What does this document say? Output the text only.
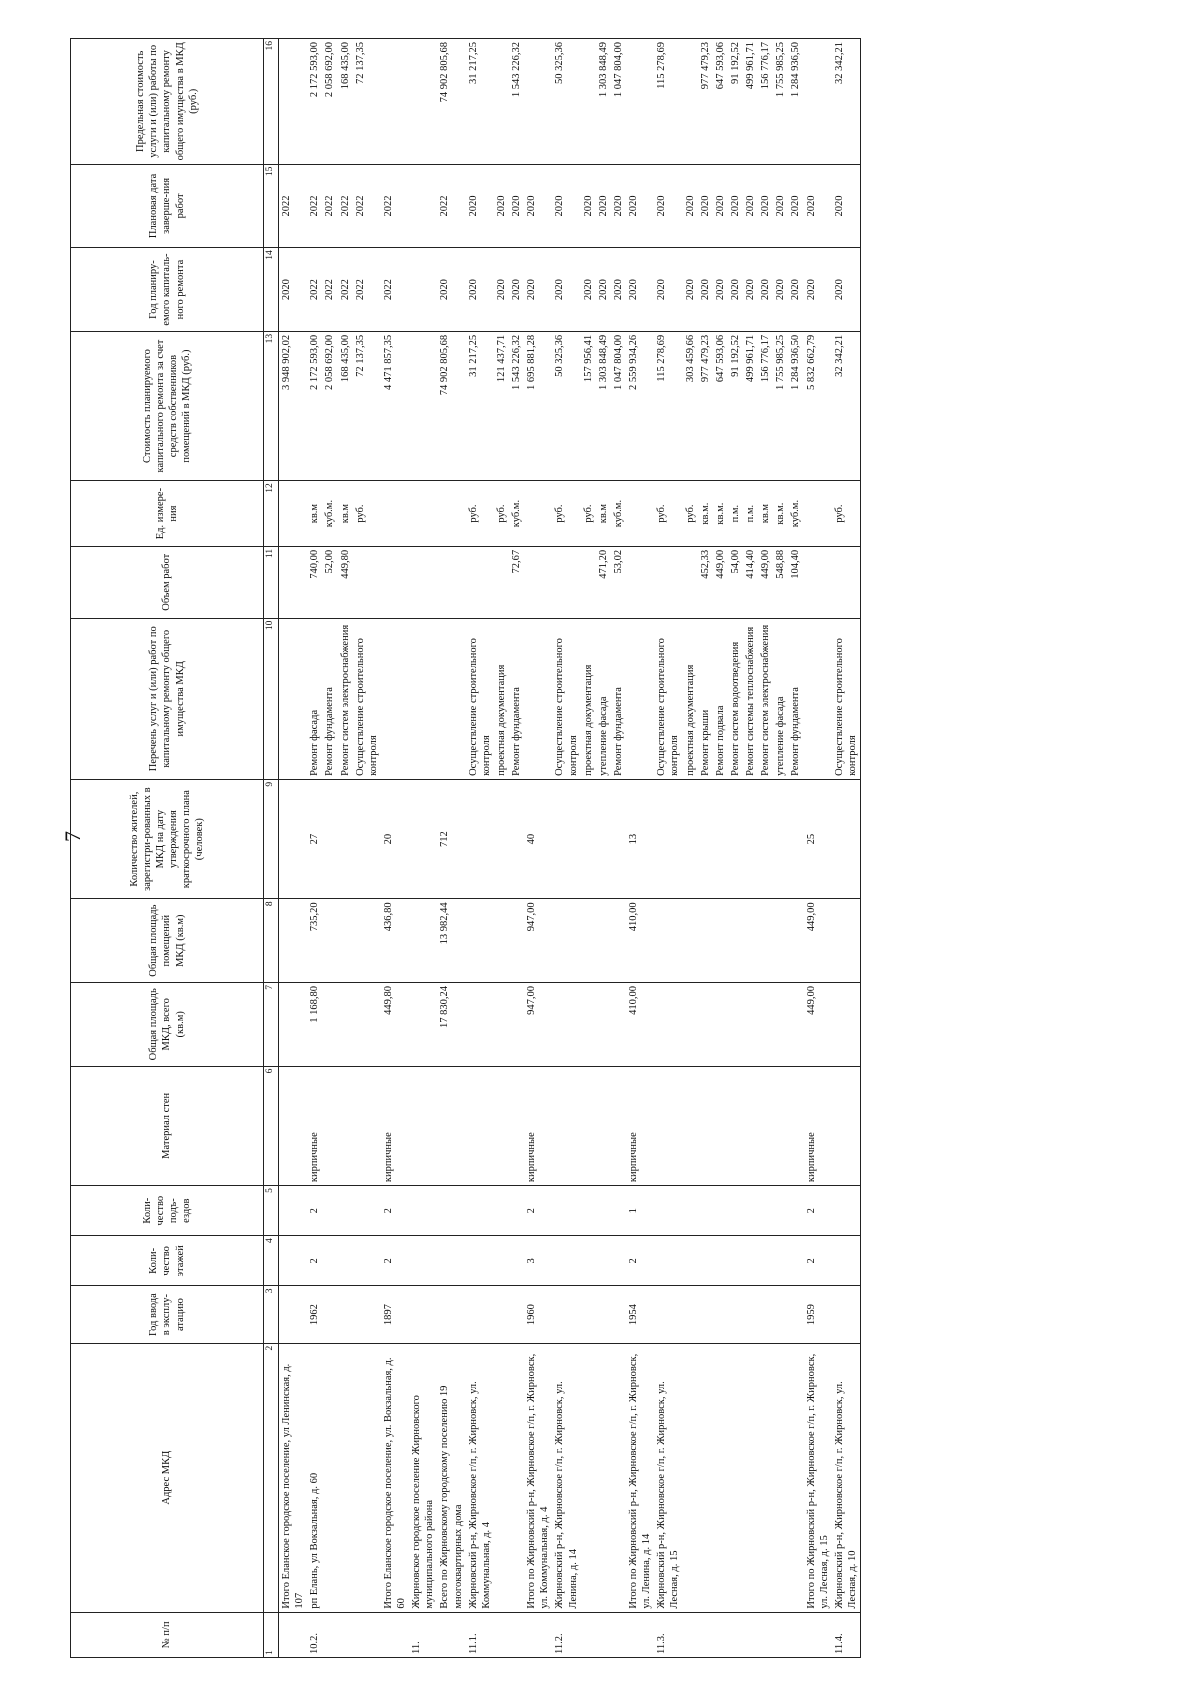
7
№ п/п	Адрес МКД	Год ввода в эксплу-атацию	Коли-чество этажей	Коли-чество подъ-ездов	Материал стен	Общая площадь МКД, всего (кв.м)	Общая площадь помещений МКД (кв.м)	Количество жителей, зарегистри-рованных в МКД на дату утверждения краткосрочного плана (человек)	Перечень услуг и (или) работ по капитальному ремонту общего имущества МКД	Объем работ	Ед. измере-ния	Стоимость планируемого капитального ремонта за счет средств собственников помещений в МКД (руб.)	Год планиру-емого капиталь-ного ремонта	Плановая дата заверше-ния работ	Предельная стоимость услуги и (или) работы по капитальному ремонту общего имущества в МКД (руб.)
1	2	3	4	5	6	7	8	9	10	11	12	13	14	15	16
	Итого Еланское городское поселение, ул Ленинская, д. 107											3 948 902,02	2020	2022	
10.2.	рп Елань, ул Вокзальная, д. 60	1962	2	2	кирпичные	1 168,80	735,20	27	Ремонт фасада	740,00	кв.м	2 172 593,00	2022	2022	2 172 593,00
									Ремонт фундамента	52,00	куб.м.	2 058 692,00	2022	2022	2 058 692,00
									Ремонт систем электроснабжения	449,80	кв.м	168 435,00	2022	2022	168 435,00
									Осуществление строительного контроля		руб.	72 137,35	2022	2022	72 137,35
	Итого Еланское городское поселение, ул. Вокзальная, д. 60	1897	2	2	кирпичные	449,80	436,80	20				4 471 857,35	2022	2022	
11.	Жирновское городское поселение Жирновского муниципального района														
	Всего по Жирновскому городскому поселению 19 многоквартирных дома					17 830,24	13 982,44	712				74 902 805,68	2020	2022	74 902 805,68
11.1.	Жирновский р-н, Жирновское г/п, г. Жирновск, ул. Коммунальная, д. 4								Осуществление строительного контроля		руб.	31 217,25	2020	2020	31 217,25
									проектная документация		руб.	121 437,71	2020	2020	
									Ремонт фундамента	72,67	куб.м.	1 543 226,32	2020	2020	1 543 226,32
	Итого по Жирновский р-н, Жирновское г/п, г. Жирновск, ул. Коммунальная, д. 4	1960	3	2	кирпичные	947,00	947,00	40				1 695 881,28	2020	2020	
11.2.	Жирновский р-н, Жирновское г/п, г. Жирновск, ул. Ленина, д. 14								Осуществление строительного контроля		руб.	50 325,36	2020	2020	50 325,36
									проектная документация		руб.	157 956,41	2020	2020	
									утепление фасада	471,20	кв.м	1 303 848,49	2020	2020	1 303 848,49
									Ремонт фундамента	53,02	куб.м.	1 047 804,00	2020	2020	1 047 804,00
	Итого по Жирновский р-н, Жирновское г/п, г. Жирновск, ул. Ленина, д. 14	1954	2	1	кирпичные	410,00	410,00	13				2 559 934,26	2020	2020	
11.3.	Жирновский р-н, Жирновское г/п, г. Жирновск, ул. Лесная, д. 15								Осуществление строительного контроля		руб.	115 278,69	2020	2020	115 278,69
									проектная документация		руб.	303 459,66	2020	2020	
									Ремонт крыши	452,33	кв.м.	977 479,23	2020	2020	977 479,23
									Ремонт подвала	449,00	кв.м.	647 593,06	2020	2020	647 593,06
									Ремонт систем водоотведения	54,00	п.м.	91 192,52	2020	2020	91 192,52
									Ремонт системы теплоснабжения	414,40	п.м.	499 961,71	2020	2020	499 961,71
									Ремонт систем электроснабжения	449,00	кв.м	156 776,17	2020	2020	156 776,17
									утепление фасада	548,88	кв.м.	1 755 985,25	2020	2020	1 755 985,25
									Ремонт фундамента	104,40	куб.м.	1 284 936,50	2020	2020	1 284 936,50
	Итого по Жирновский р-н, Жирновское г/п, г. Жирновск, ул. Лесная, д. 15	1959	2	2	кирпичные	449,00	449,00	25				5 832 662,79	2020	2020	
11.4.	Жирновский р-н, Жирновское г/п, г. Жирновск, ул. Лесная, д. 10								Осуществление строительного контроля		руб.	32 342,21	2020	2020	32 342,21
